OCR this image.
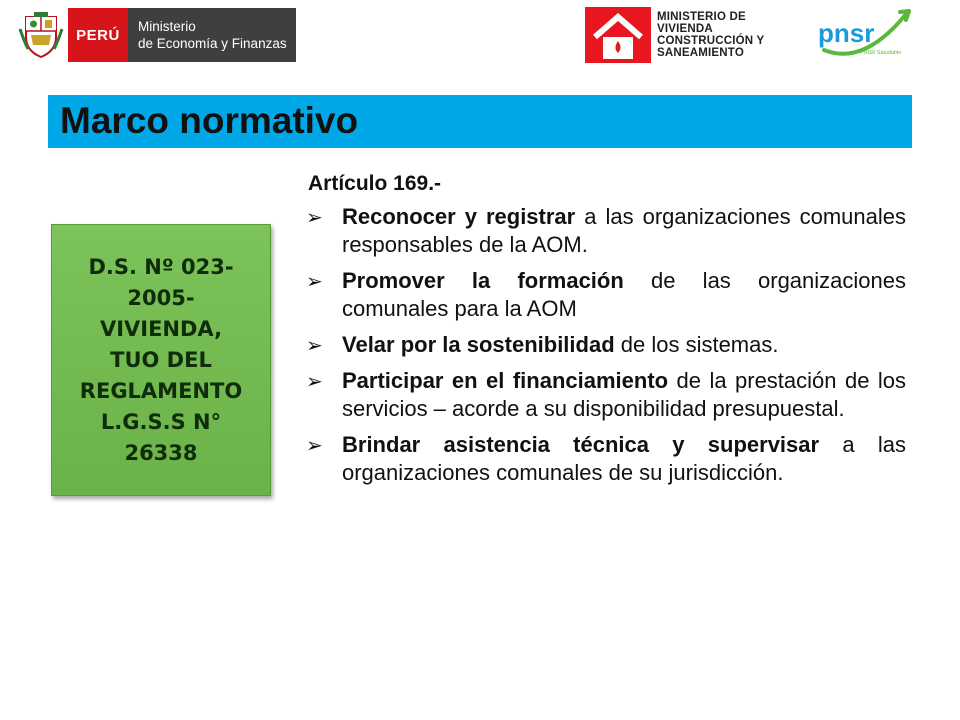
PERÚ	Ministerio
de Economía y Finanzas
MINISTERIO DE
VIVIENDA
CONSTRUCCIÓN Y
SANEAMIENTO
pnsr
PNSR Saludable
Marco normativo
D.S. Nº 023-
2005-
VIVIENDA,
TUO DEL
REGLAMENTO
L.G.S.S N°
26338
Artículo 169.-
➢ Reconocer y registrar a las organizaciones comunales responsables de la AOM.
➢ Promover la formación de las organizaciones comunales para la AOM
➢ Velar por la sostenibilidad de los sistemas.
➢ Participar en el financiamiento de la prestación de los servicios – acorde a su disponibilidad presupuestal.
➢ Brindar asistencia técnica y supervisar a las organizaciones comunales de su jurisdicción.
